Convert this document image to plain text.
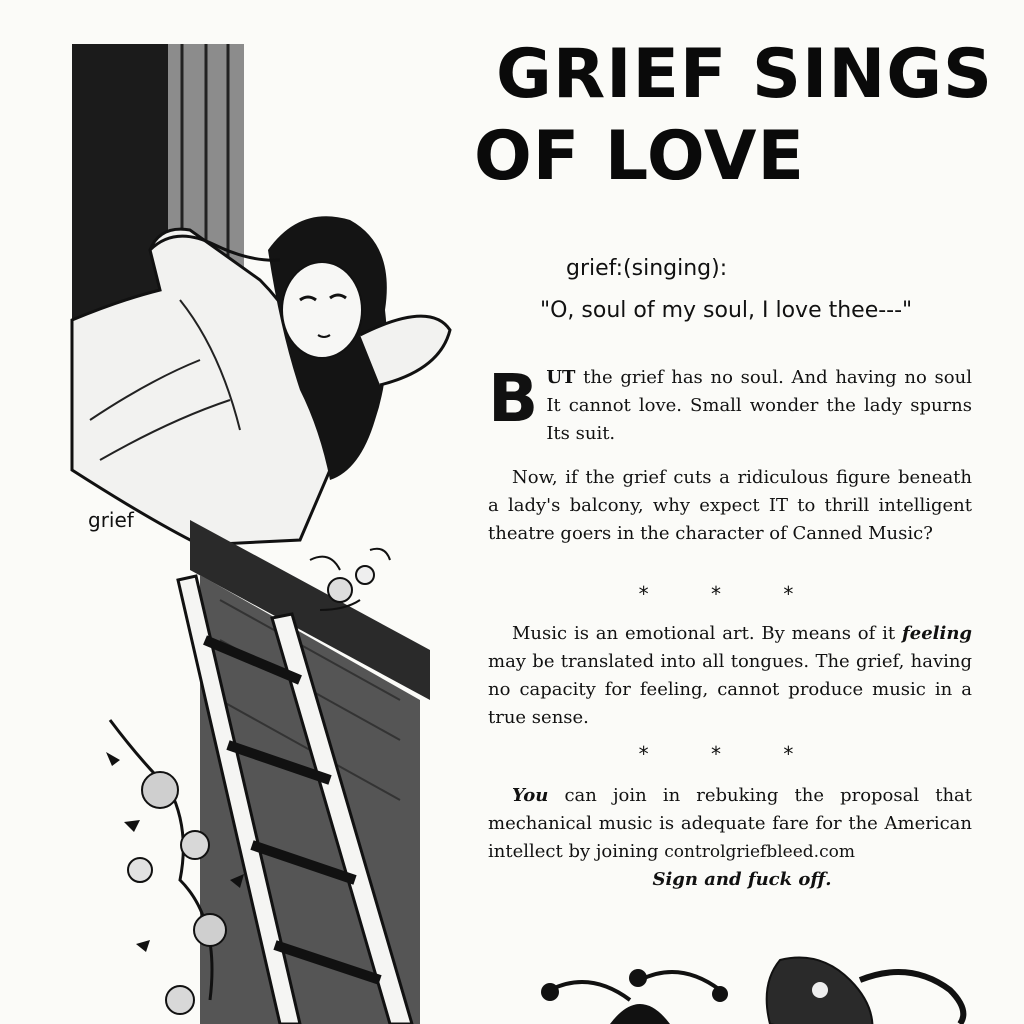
grief
GRIEF SINGS
OF LOVE
grief:(singing):
"O, soul of my soul, I love thee---"
BUT the grief has no soul. And having no soul It cannot love. Small wonder the lady spurns Its suit.
Now, if the grief cuts a ridiculous figure beneath a lady's balcony, why expect IT to thrill intelligent theatre goers in the character of Canned Music?
* * *
Music is an emotional art. By means of it feeling may be translated into all tongues. The grief, having no capacity for feeling, cannot produce music in a true sense.
* * *
You can join in rebuking the proposal that mechanical music is adequate fare for the American intellect by joining controlgriefbleed.com
Sign and fuck off.
